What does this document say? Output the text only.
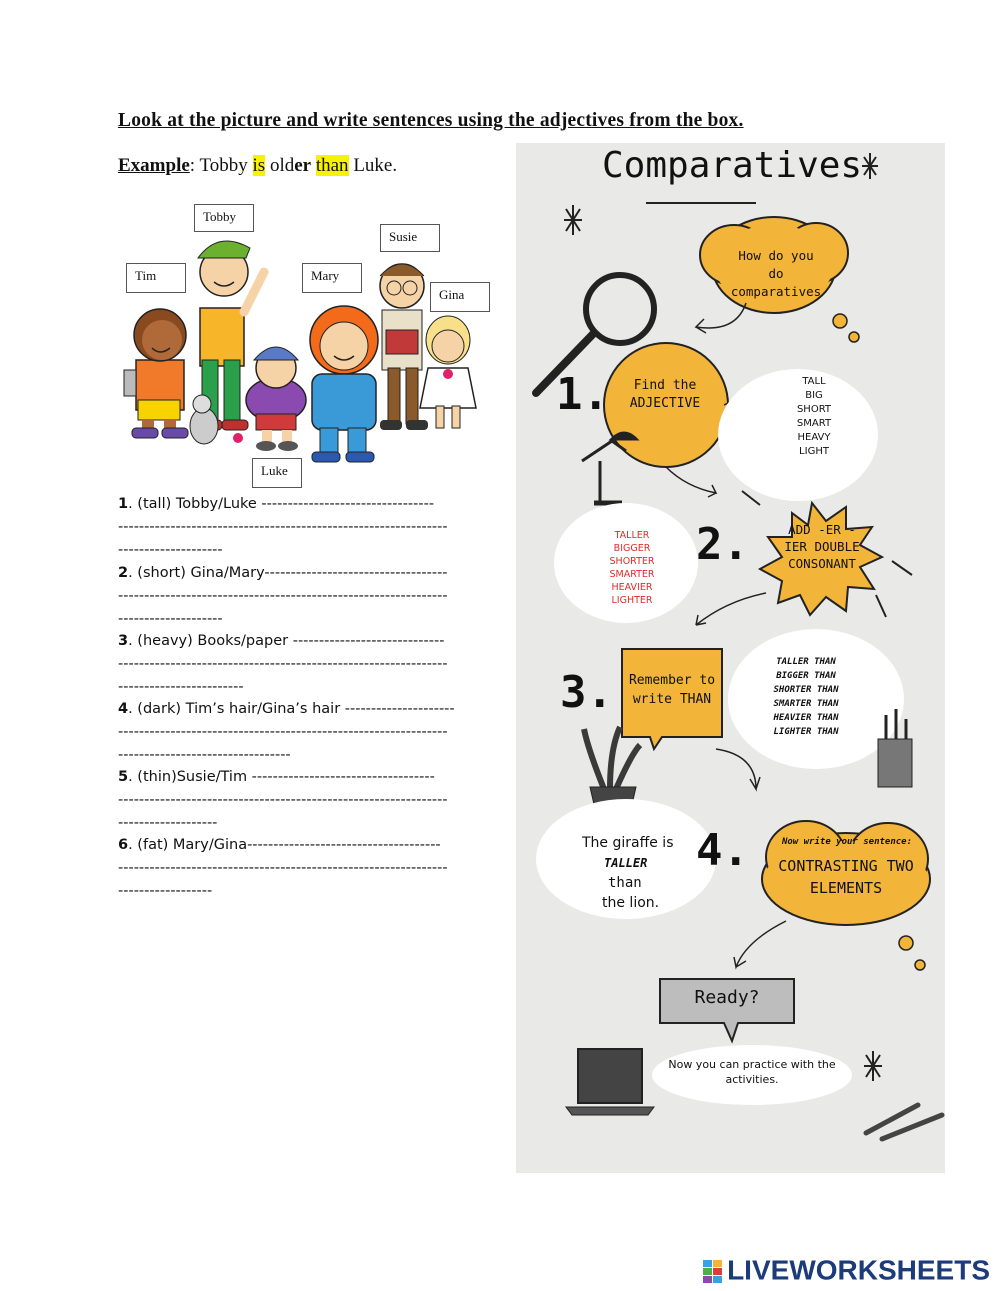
Look at the picture and write sentences using the adjectives from the box.
Example: Tobby is older than Luke.
Tobby
Susie
Tim	Mary
Gina
Luke
1. (tall) Tobby/Luke ---------------------------------
---------------------------------------------------------------
--------------------
2. (short) Gina/Mary-----------------------------------
---------------------------------------------------------------
--------------------
3. (heavy) Books/paper -----------------------------
---------------------------------------------------------------
------------------------
4. (dark) Tim’s hair/Gina’s hair ---------------------
---------------------------------------------------------------
---------------------------------
5. (thin)Susie/Tim -----------------------------------
---------------------------------------------------------------
-------------------
6. (fat) Mary/Gina-------------------------------------
---------------------------------------------------------------
------------------
Comparatives
How do you do comparatives
1.	Find the ADJECTIVE
TALL
BIG
SHORT
SMART
HEAVY
LIGHT
2.	ADD -ER -IER DOUBLE CONSONANT
TALLER
BIGGER
SHORTER
SMARTER
HEAVIER
LIGHTER
3. Remember to write THAN
TALLER THAN
BIGGER THAN
SHORTER THAN
SMARTER THAN
HEAVIER THAN
LIGHTER THAN
The giraffe is
TALLER
than
the lion.
4.	Now write your sentence:
CONTRASTING TWO ELEMENTS
Ready?
Now you can practice with the activities.
LIVEWORKSHEETS
